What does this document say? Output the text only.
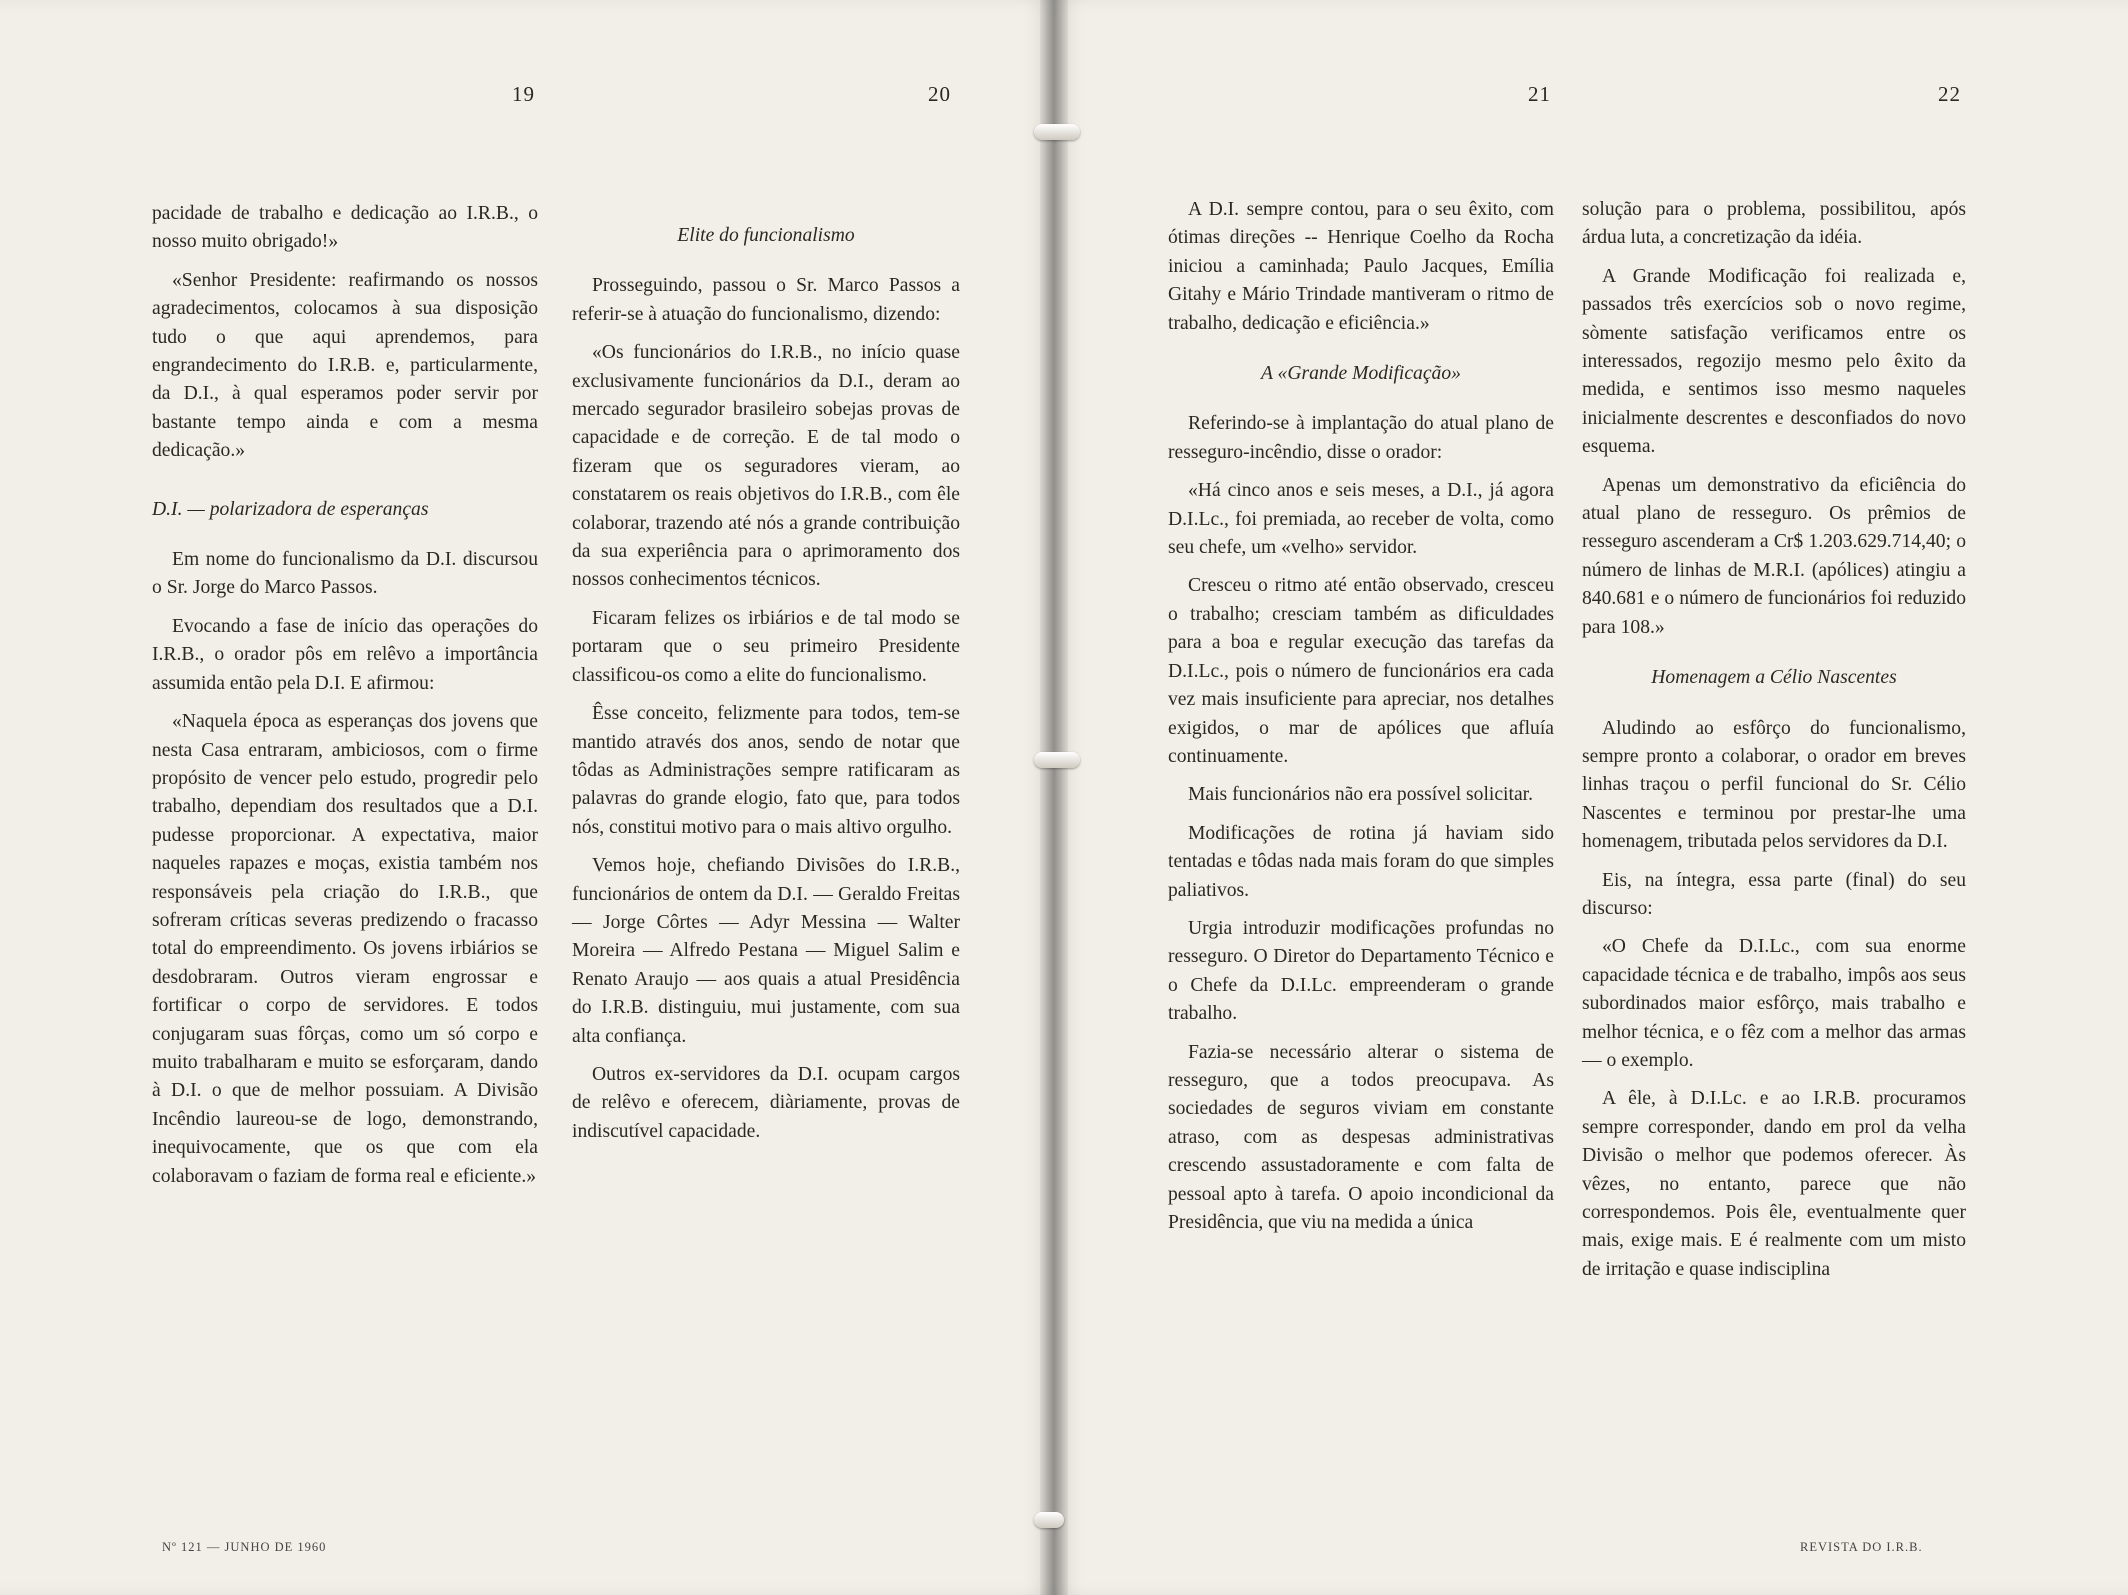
19	20	21	22

pacidade de trabalho e dedicação ao I.R.B., o nosso muito obrigado!»

«Senhor Presidente: reafirmando os nossos agradecimentos, colocamos à sua disposição tudo o que aqui aprendemos, para engrandecimento do I.R.B. e, particularmente, da D.I., à qual esperamos poder servir por bastante tempo ainda e com a mesma dedicação.»

D.I. — polarizadora de esperanças

Em nome do funcionalismo da D.I. discursou o Sr. Jorge do Marco Passos.

Evocando a fase de início das operações do I.R.B., o orador pôs em relêvo a importância assumida então pela D.I. E afirmou:

«Naquela época as esperanças dos jovens que nesta Casa entraram, ambiciosos, com o firme propósito de vencer pelo estudo, progredir pelo trabalho, dependiam dos resultados que a D.I. pudesse proporcionar. A expectativa, maior naqueles rapazes e moças, existia também nos responsáveis pela criação do I.R.B., que sofreram críticas severas predizendo o fracasso total do empreendimento. Os jovens irbiários se desdobraram. Outros vieram engrossar e fortificar o corpo de servidores. E todos conjugaram suas fôrças, como um só corpo e muito trabalharam e muito se esforçaram, dando à D.I. o que de melhor possuiam. A Divisão Incêndio laureou-se de logo, demonstrando, inequivocamente, que os que com ela colaboravam o faziam de forma real e eficiente.»

Elite do funcionalismo

Prosseguindo, passou o Sr. Marco Passos a referir-se à atuação do funcionalismo, dizendo:

«Os funcionários do I.R.B., no início quase exclusivamente funcionários da D.I., deram ao mercado segurador brasileiro sobejas provas de capacidade e de correção. E de tal modo o fizeram que os seguradores vieram, ao constatarem os reais objetivos do I.R.B., com êle colaborar, trazendo até nós a grande contribuição da sua experiência para o aprimoramento dos nossos conhecimentos técnicos.

Ficaram felizes os irbiários e de tal modo se portaram que o seu primeiro Presidente classificou-os como a elite do funcionalismo.

Êsse conceito, felizmente para todos, tem-se mantido através dos anos, sendo de notar que tôdas as Administrações sempre ratificaram as palavras do grande elogio, fato que, para todos nós, constitui motivo para o mais altivo orgulho.

Vemos hoje, chefiando Divisões do I.R.B., funcionários de ontem da D.I. — Geraldo Freitas — Jorge Côrtes — Adyr Messina — Walter Moreira — Alfredo Pestana — Miguel Salim e Renato Araujo — aos quais a atual Presidência do I.R.B. distinguiu, mui justamente, com sua alta confiança.

Outros ex-servidores da D.I. ocupam cargos de relêvo e oferecem, diàriamente, provas de indiscutível capacidade.

A D.I. sempre contou, para o seu êxito, com ótimas direções -- Henrique Coelho da Rocha iniciou a caminhada; Paulo Jacques, Emília Gitahy e Mário Trindade mantiveram o ritmo de trabalho, dedicação e eficiência.»

A «Grande Modificação»

Referindo-se à implantação do atual plano de resseguro-incêndio, disse o orador:

«Há cinco anos e seis meses, a D.I., já agora D.I.Lc., foi premiada, ao receber de volta, como seu chefe, um «velho» servidor.

Cresceu o ritmo até então observado, cresceu o trabalho; cresciam também as dificuldades para a boa e regular execução das tarefas da D.I.Lc., pois o número de funcionários era cada vez mais insuficiente para apreciar, nos detalhes exigidos, o mar de apólices que afluía continuamente.

Mais funcionários não era possível solicitar.

Modificações de rotina já haviam sido tentadas e tôdas nada mais foram do que simples paliativos.

Urgia introduzir modificações profundas no resseguro. O Diretor do Departamento Técnico e o Chefe da D.I.Lc. empreenderam o grande trabalho.

Fazia-se necessário alterar o sistema de resseguro, que a todos preocupava. As sociedades de seguros viviam em constante atraso, com as despesas administrativas crescendo assustadoramente e com falta de pessoal apto à tarefa. O apoio incondicional da Presidência, que viu na medida a única

solução para o problema, possibilitou, após árdua luta, a concretização da idéia.

A Grande Modificação foi realizada e, passados três exercícios sob o novo regime, sòmente satisfação verificamos entre os interessados, regozijo mesmo pelo êxito da medida, e sentimos isso mesmo naqueles inicialmente descrentes e desconfiados do novo esquema.

Apenas um demonstrativo da eficiência do atual plano de resseguro. Os prêmios de resseguro ascenderam a Cr$ 1.203.629.714,40; o número de linhas de M.R.I. (apólices) atingiu a 840.681 e o número de funcionários foi reduzido para 108.»

Homenagem a Célio Nascentes

Aludindo ao esfôrço do funcionalismo, sempre pronto a colaborar, o orador em breves linhas traçou o perfil funcional do Sr. Célio Nascentes e terminou por prestar-lhe uma homenagem, tributada pelos servidores da D.I.

Eis, na íntegra, essa parte (final) do seu discurso:

«O Chefe da D.I.Lc., com sua enorme capacidade técnica e de trabalho, impôs aos seus subordinados maior esfôrço, mais trabalho e melhor técnica, e o fêz com a melhor das armas — o exemplo.

A êle, à D.I.Lc. e ao I.R.B. procuramos sempre corresponder, dando em prol da velha Divisão o melhor que podemos oferecer. Às vêzes, no entanto, parece que não correspondemos. Pois êle, eventualmente quer mais, exige mais. E é realmente com um misto de irritação e quase indisciplina

Nº 121 — JUNHO DE 1960	REVISTA DO I.R.B.
